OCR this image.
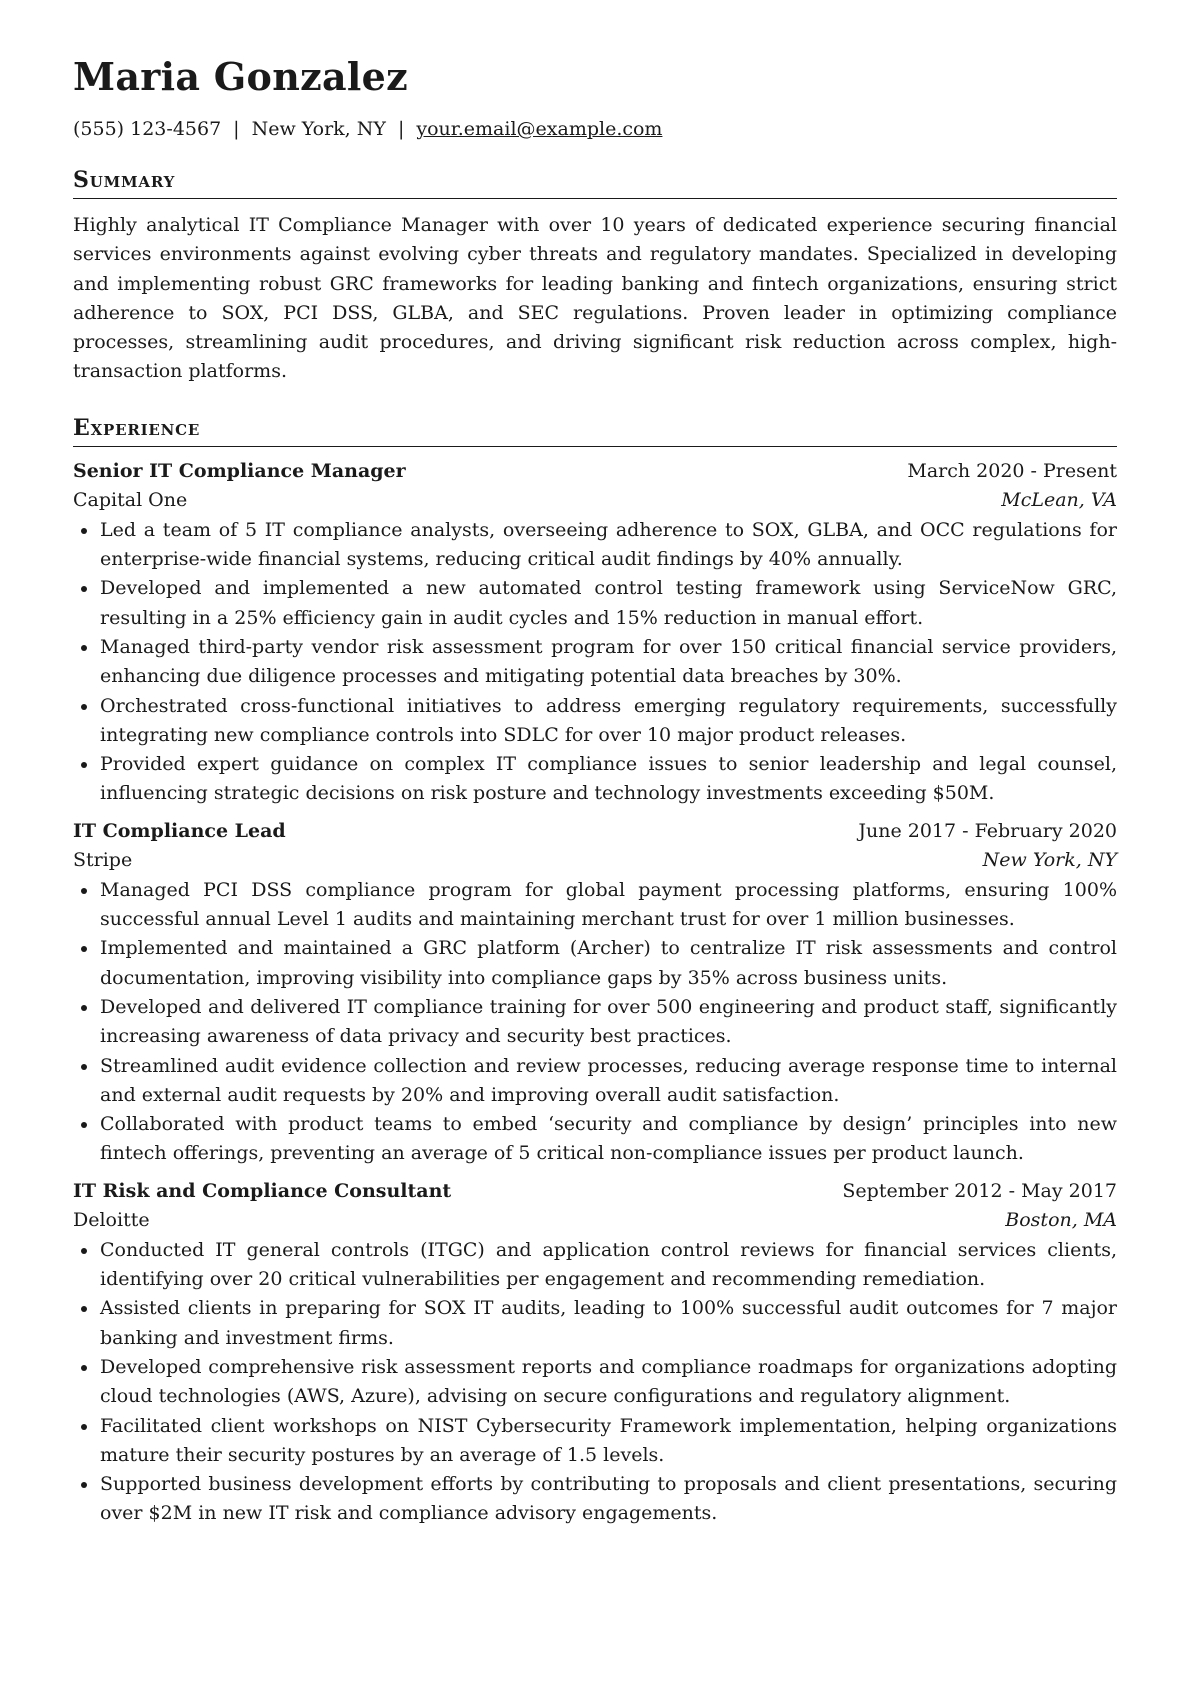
Maria Gonzalez
(555) 123-4567 | New York, NY | your.email@example.com
Summary
Highly analytical IT Compliance Manager with over 10 years of dedicated experience securing financial services environments against evolving cyber threats and regulatory mandates. Specialized in developing and implementing robust GRC frameworks for leading banking and fintech organizations, ensuring strict adherence to SOX, PCI DSS, GLBA, and SEC regulations. Proven leader in optimizing compliance processes, streamlining audit procedures, and driving significant risk reduction across complex, high-transaction platforms.
Experience
Senior IT Compliance Manager	March 2020 - Present
Capital One	McLean, VA
Led a team of 5 IT compliance analysts, overseeing adherence to SOX, GLBA, and OCC regulations for enterprise-wide financial systems, reducing critical audit findings by 40% annually.
Developed and implemented a new automated control testing framework using ServiceNow GRC, resulting in a 25% efficiency gain in audit cycles and 15% reduction in manual effort.
Managed third-party vendor risk assessment program for over 150 critical financial service providers, enhancing due diligence processes and mitigating potential data breaches by 30%.
Orchestrated cross-functional initiatives to address emerging regulatory requirements, successfully integrating new compliance controls into SDLC for over 10 major product releases.
Provided expert guidance on complex IT compliance issues to senior leadership and legal counsel, influencing strategic decisions on risk posture and technology investments exceeding $50M.
IT Compliance Lead	June 2017 - February 2020
Stripe	New York, NY
Managed PCI DSS compliance program for global payment processing platforms, ensuring 100% successful annual Level 1 audits and maintaining merchant trust for over 1 million businesses.
Implemented and maintained a GRC platform (Archer) to centralize IT risk assessments and control documentation, improving visibility into compliance gaps by 35% across business units.
Developed and delivered IT compliance training for over 500 engineering and product staff, significantly increasing awareness of data privacy and security best practices.
Streamlined audit evidence collection and review processes, reducing average response time to internal and external audit requests by 20% and improving overall audit satisfaction.
Collaborated with product teams to embed ‘security and compliance by design’ principles into new fintech offerings, preventing an average of 5 critical non-compliance issues per product launch.
IT Risk and Compliance Consultant	September 2012 - May 2017
Deloitte	Boston, MA
Conducted IT general controls (ITGC) and application control reviews for financial services clients, identifying over 20 critical vulnerabilities per engagement and recommending remediation.
Assisted clients in preparing for SOX IT audits, leading to 100% successful audit outcomes for 7 major banking and investment firms.
Developed comprehensive risk assessment reports and compliance roadmaps for organizations adopting cloud technologies (AWS, Azure), advising on secure configurations and regulatory alignment.
Facilitated client workshops on NIST Cybersecurity Framework implementation, helping organizations mature their security postures by an average of 1.5 levels.
Supported business development efforts by contributing to proposals and client presentations, securing over $2M in new IT risk and compliance advisory engagements.
